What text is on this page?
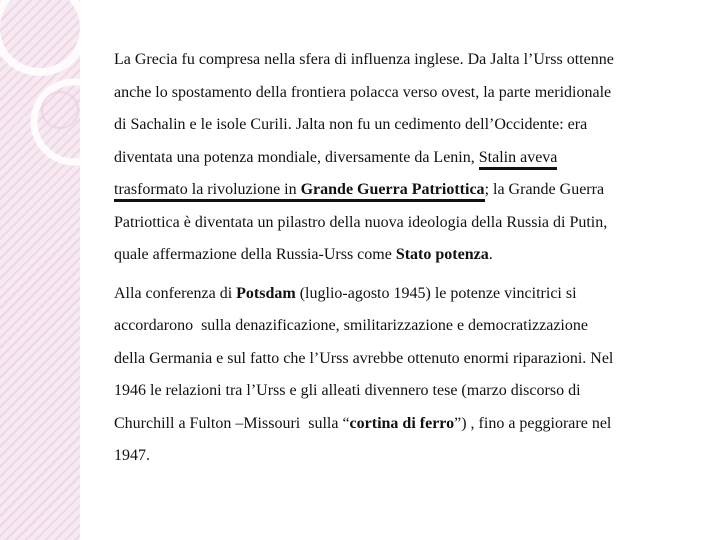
La Grecia fu compresa nella sfera di influenza inglese. Da Jalta l’Urss ottenne
anche lo spostamento della frontiera polacca verso ovest, la parte meridionale
di Sachalin e le isole Curili. Jalta non fu un cedimento dell’Occidente: era
diventata una potenza mondiale, diversamente da Lenin, Stalin aveva
trasformato la rivoluzione in Grande Guerra Patriottica; la Grande Guerra
Patriottica è diventata un pilastro della nuova ideologia della Russia di Putin,
quale affermazione della Russia-Urss come Stato potenza.
Alla conferenza di Potsdam (luglio-agosto 1945) le potenze vincitrici si
accordarono  sulla denazificazione, smilitarizzazione e democratizzazione
della Germania e sul fatto che l’Urss avrebbe ottenuto enormi riparazioni. Nel
1946 le relazioni tra l’Urss e gli alleati divennero tese (marzo discorso di
Churchill a Fulton –Missouri  sulla “cortina di ferro”) , fino a peggiorare nel
1947.
